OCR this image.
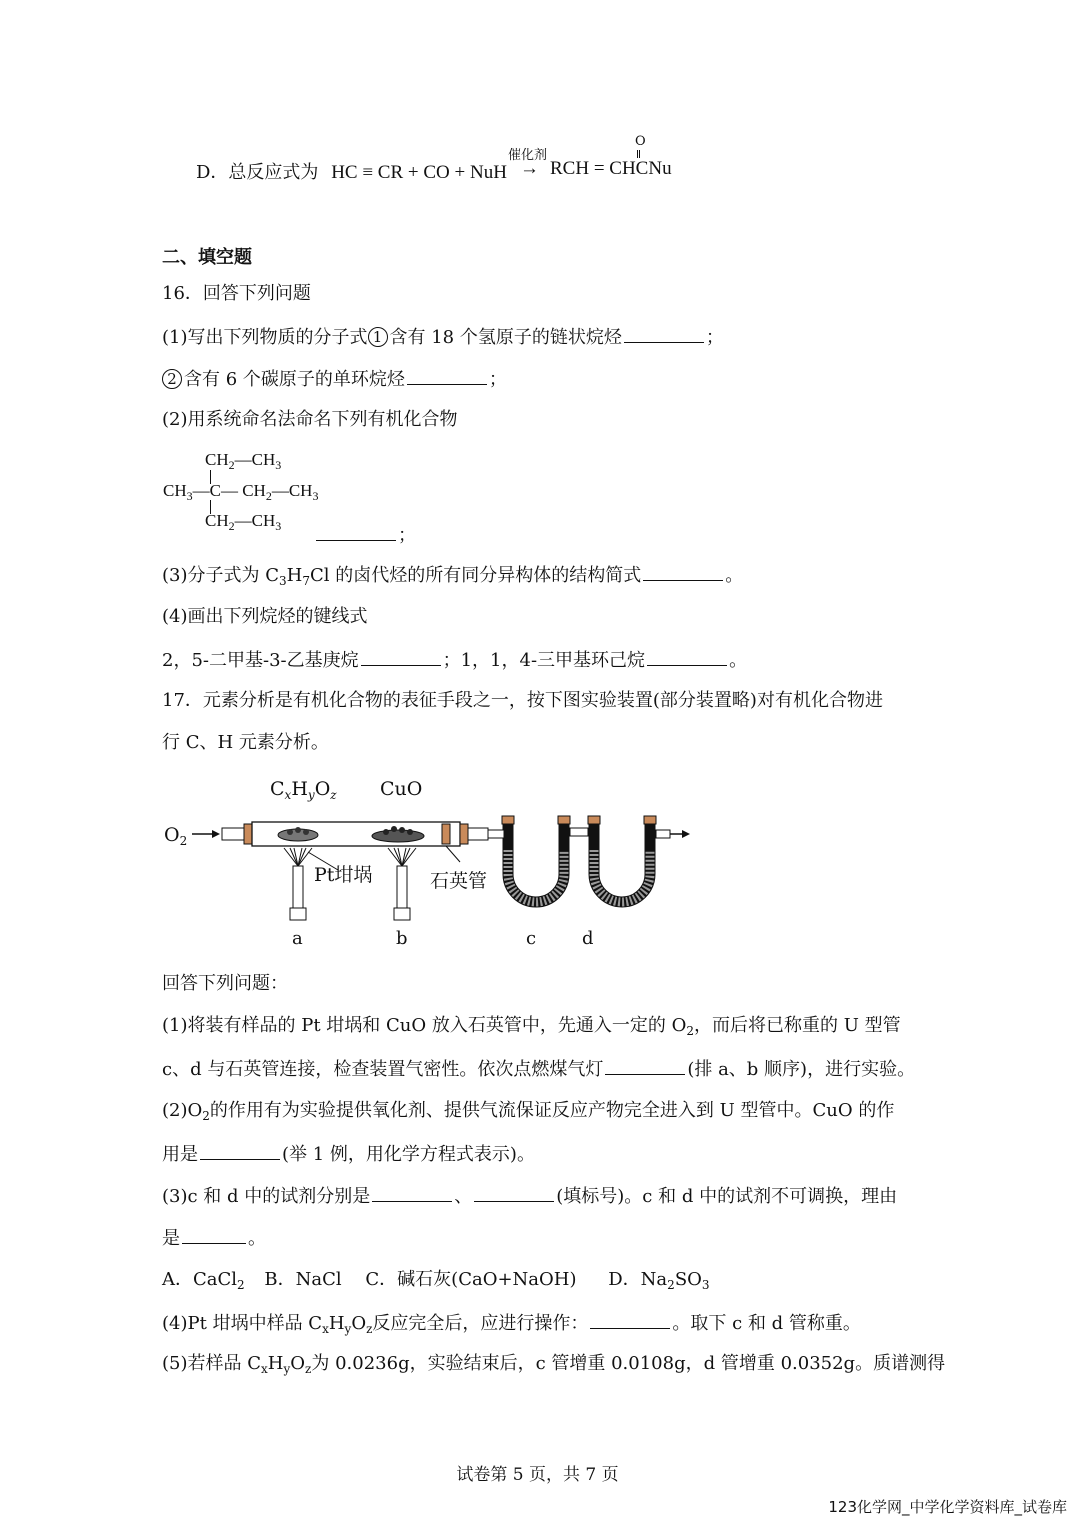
D．总反应式为 HC ≡ CR + CO + NuH
催化剂
→ RCH = CHCNu
O
二、填空题
16．回答下列问题
(1)写出下列物质的分子式 1 含有 18 个氢原子的链状烷烃	；
2 含有 6 个碳原子的单环烷烃	；
(2)用系统命名法命名下列有机化合物
$CH_2—CH_3$
$CH_3—C—$ $CH_2—CH_3$
$CH_2—CH_3$	；
(3)分子式为 $C_3H_7Cl$ 的卤代烃的所有同分异构体的结构简式	。
(4)画出下列烷烃的键线式
2，5-二甲基-3-乙基庚烷	；1，1，4-三甲基环己烷	。
17．元素分析是有机化合物的表征手段之一，按下图实验装置(部分装置略)对有机化合物进
行 C、H 元素分析。
$C_xH_yO_z$ CuO
$O_2$
Pt坩埚	石英管
a	b	c	d
回答下列问题：
(1)将装有样品的 Pt 坩埚和 CuO 放入石英管中，先通入一定的 $O_2$，而后将已称重的 U 型管
c、d 与石英管连接，检查装置气密性。依次点燃煤气灯	(排 a、b 顺序)，进行实验。
$(2)O_2$的作用有为实验提供氧化剂、提供气流保证反应产物完全进入到 U 型管中。CuO 的作
用是	(举 1 例，用化学方程式表示)。
(3)c 和 d 中的试剂分别是	、	(填标号)。c 和 d 中的试剂不可调换，理由
是	。
A．CaCl$_2$ B．NaCl C．碱石灰(CaO+NaOH) D．$Na_2SO_3$
(4)Pt 坩埚中样品 $C_xH_yO_z$反应完全后，应进行操作：	。取下 c 和 d 管称重。
(5)若样品 $C_xH_yO_z$为 0.0236g，实验结束后，c 管增重 0.0108g，d 管增重 0.0352g。质谱测得
试卷第 5 页，共 7 页
123化学网_中学化学资料库_试卷库
